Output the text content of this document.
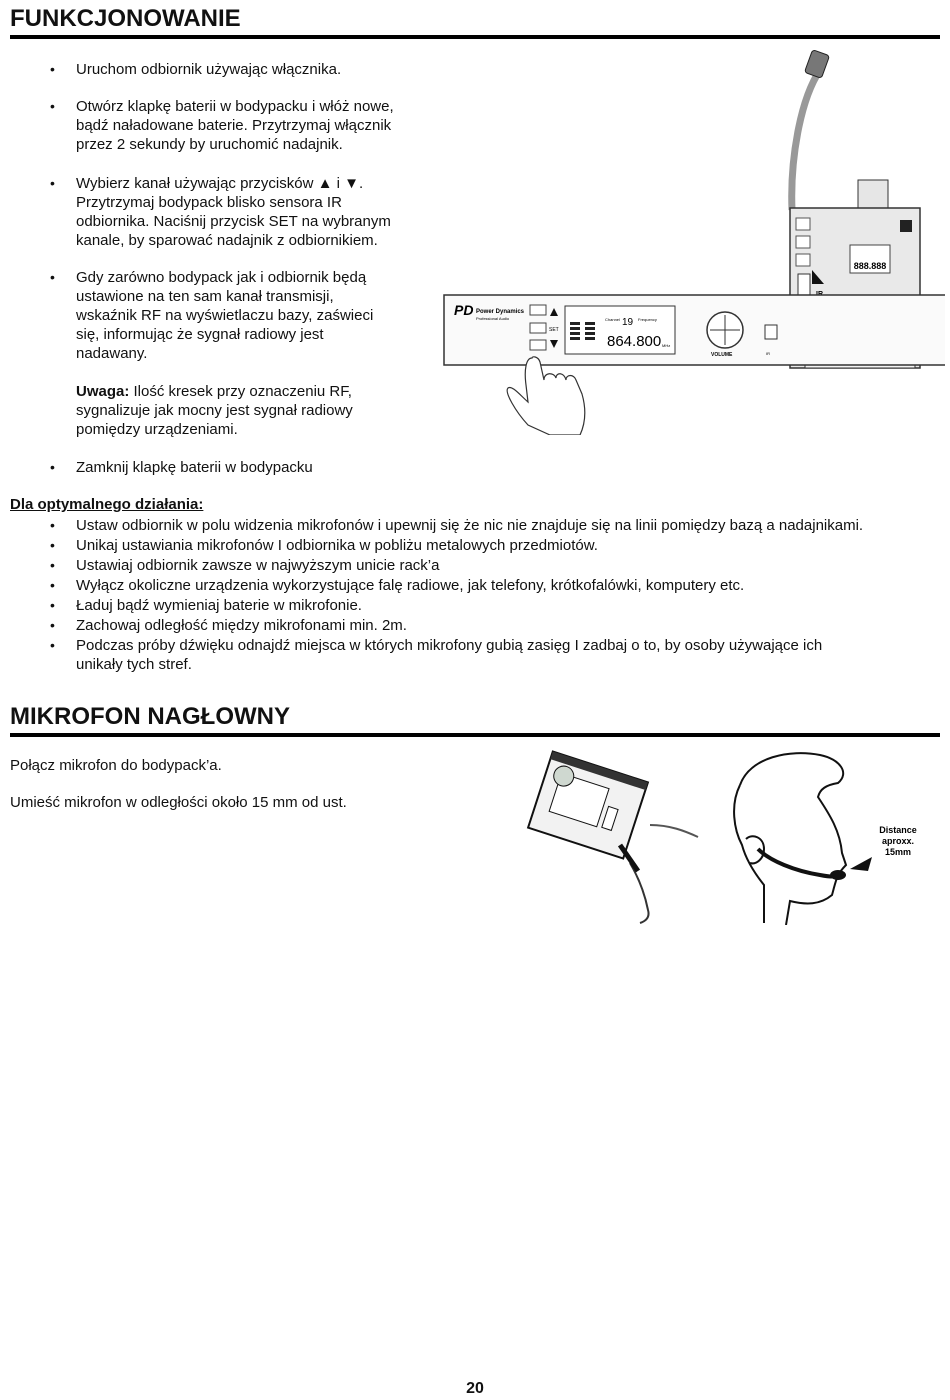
FUNKCJONOWANIE
• Uruchom odbiornik używając włącznika.
• Otwórz klapkę baterii w bodypacku i włóż nowe,
bądź naładowane baterie. Przytrzymaj włącznik
przez 2 sekundy by uruchomić nadajnik.
• Wybierz kanał używając przycisków ▲ i ▼.
Przytrzymaj bodypack blisko sensora IR
odbiornika. Naciśnij przycisk SET na wybranym
kanale, by sparować nadajnik z odbiornikiem.
• Gdy zarówno bodypack jak i odbiornik będą
ustawione na ten sam kanał transmisji,
wskaźnik RF na wyświetlaczu bazy, zaświeci
się, informując że sygnał radiowy jest
nadawany.
Uwaga: Ilość kresek przy oznaczeniu RF,
sygnalizuje jak mocny jest sygnał radiowy
pomiędzy urządzeniami.
• Zamknij klapkę baterii w bodypacku
888.888
PD Power Dynamics
Professional Audio
SET
Channel 19 Frequency
864.800 MHz
VOLUME	IR
Dla optymalnego działania:
• Ustaw odbiornik w polu widzenia mikrofonów i upewnij się że nic nie znajduje się na linii pomiędzy bazą a nadajnikami.
• Unikaj ustawiania mikrofonów I odbiornika w pobliżu metalowych przedmiotów.
• Ustawiaj odbiornik zawsze w najwyższym unicie rack’a
• Wyłącz okoliczne urządzenia wykorzystujące falę radiowe, jak telefony, krótkofalówki, komputery etc.
• Ładuj bądź wymieniaj baterie w mikrofonie.
• Zachowaj odległość między mikrofonami min. 2m.
• Podczas próby dźwięku odnajdź miejsca w których mikrofony gubią zasięg I zadbaj o to, by osoby używające ich
unikały tych stref.
MIKROFON NAGŁOWNY
Połącz mikrofon do bodypack’a.
Umieść mikrofon w odległości około 15 mm od ust.
Distance
aproxx.
15mm
20
